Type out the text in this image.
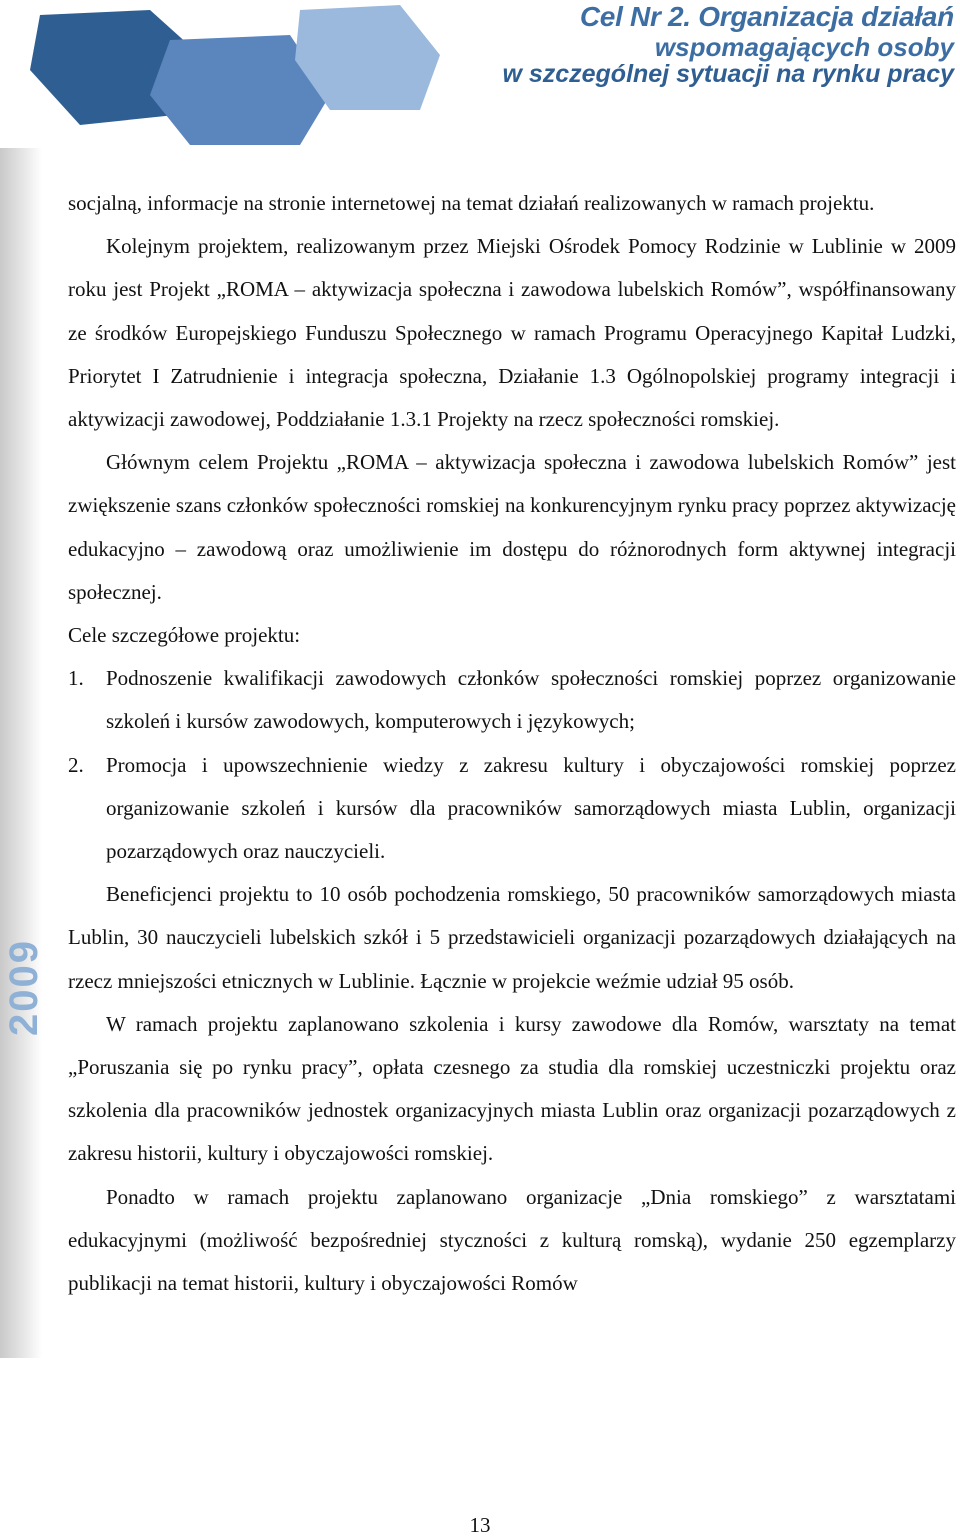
Cel Nr 2. Organizacja działań
wspomagających osoby
w szczególnej sytuacji na rynku pracy
2009

socjalną, informacje na stronie internetowej na temat działań realizowanych w ramach projektu.

Kolejnym projektem, realizowanym przez Miejski Ośrodek Pomocy Rodzinie w Lublinie w 2009 roku jest Projekt „ROMA – aktywizacja społeczna i zawodowa lubelskich Romów”, współfinansowany ze środków Europejskiego Funduszu Społecznego w ramach Programu Operacyjnego Kapitał Ludzki, Priorytet I Zatrudnienie i integracja społeczna, Działanie 1.3 Ogólnopolskiej programy integracji i aktywizacji zawodowej, Poddziałanie 1.3.1 Projekty na rzecz społeczności romskiej.

Głównym celem Projektu „ROMA – aktywizacja społeczna i zawodowa lubelskich Romów” jest zwiększenie szans członków społeczności romskiej na konkurencyjnym rynku pracy poprzez aktywizację edukacyjno – zawodową oraz umożliwienie im dostępu do różnorodnych form aktywnej integracji społecznej.

Cele szczegółowe projektu:

1. Podnoszenie kwalifikacji zawodowych członków społeczności romskiej poprzez organizowanie szkoleń i kursów zawodowych, komputerowych i językowych;
2. Promocja i upowszechnienie wiedzy z zakresu kultury i obyczajowości romskiej poprzez organizowanie szkoleń i kursów dla pracowników samorządowych miasta Lublin, organizacji pozarządowych oraz nauczycieli.

Beneficjenci projektu to 10 osób pochodzenia romskiego, 50 pracowników samorządowych miasta Lublin, 30 nauczycieli lubelskich szkół i 5 przedstawicieli organizacji pozarządowych działających na rzecz mniejszości etnicznych w Lublinie. Łącznie w projekcie weźmie udział 95 osób.

W ramach projektu zaplanowano szkolenia i kursy zawodowe dla Romów, warsztaty na temat „Poruszania się po rynku pracy”, opłata czesnego za studia dla romskiej uczestniczki projektu oraz szkolenia dla pracowników jednostek organizacyjnych miasta Lublin oraz organizacji pozarządowych z zakresu historii, kultury i obyczajowości romskiej.

Ponadto w ramach projektu zaplanowano organizacje „Dnia romskiego” z warsztatami edukacyjnymi (możliwość bezpośredniej styczności z kulturą romską), wydanie 250 egzemplarzy publikacji na temat historii, kultury i obyczajowości Romów

13
